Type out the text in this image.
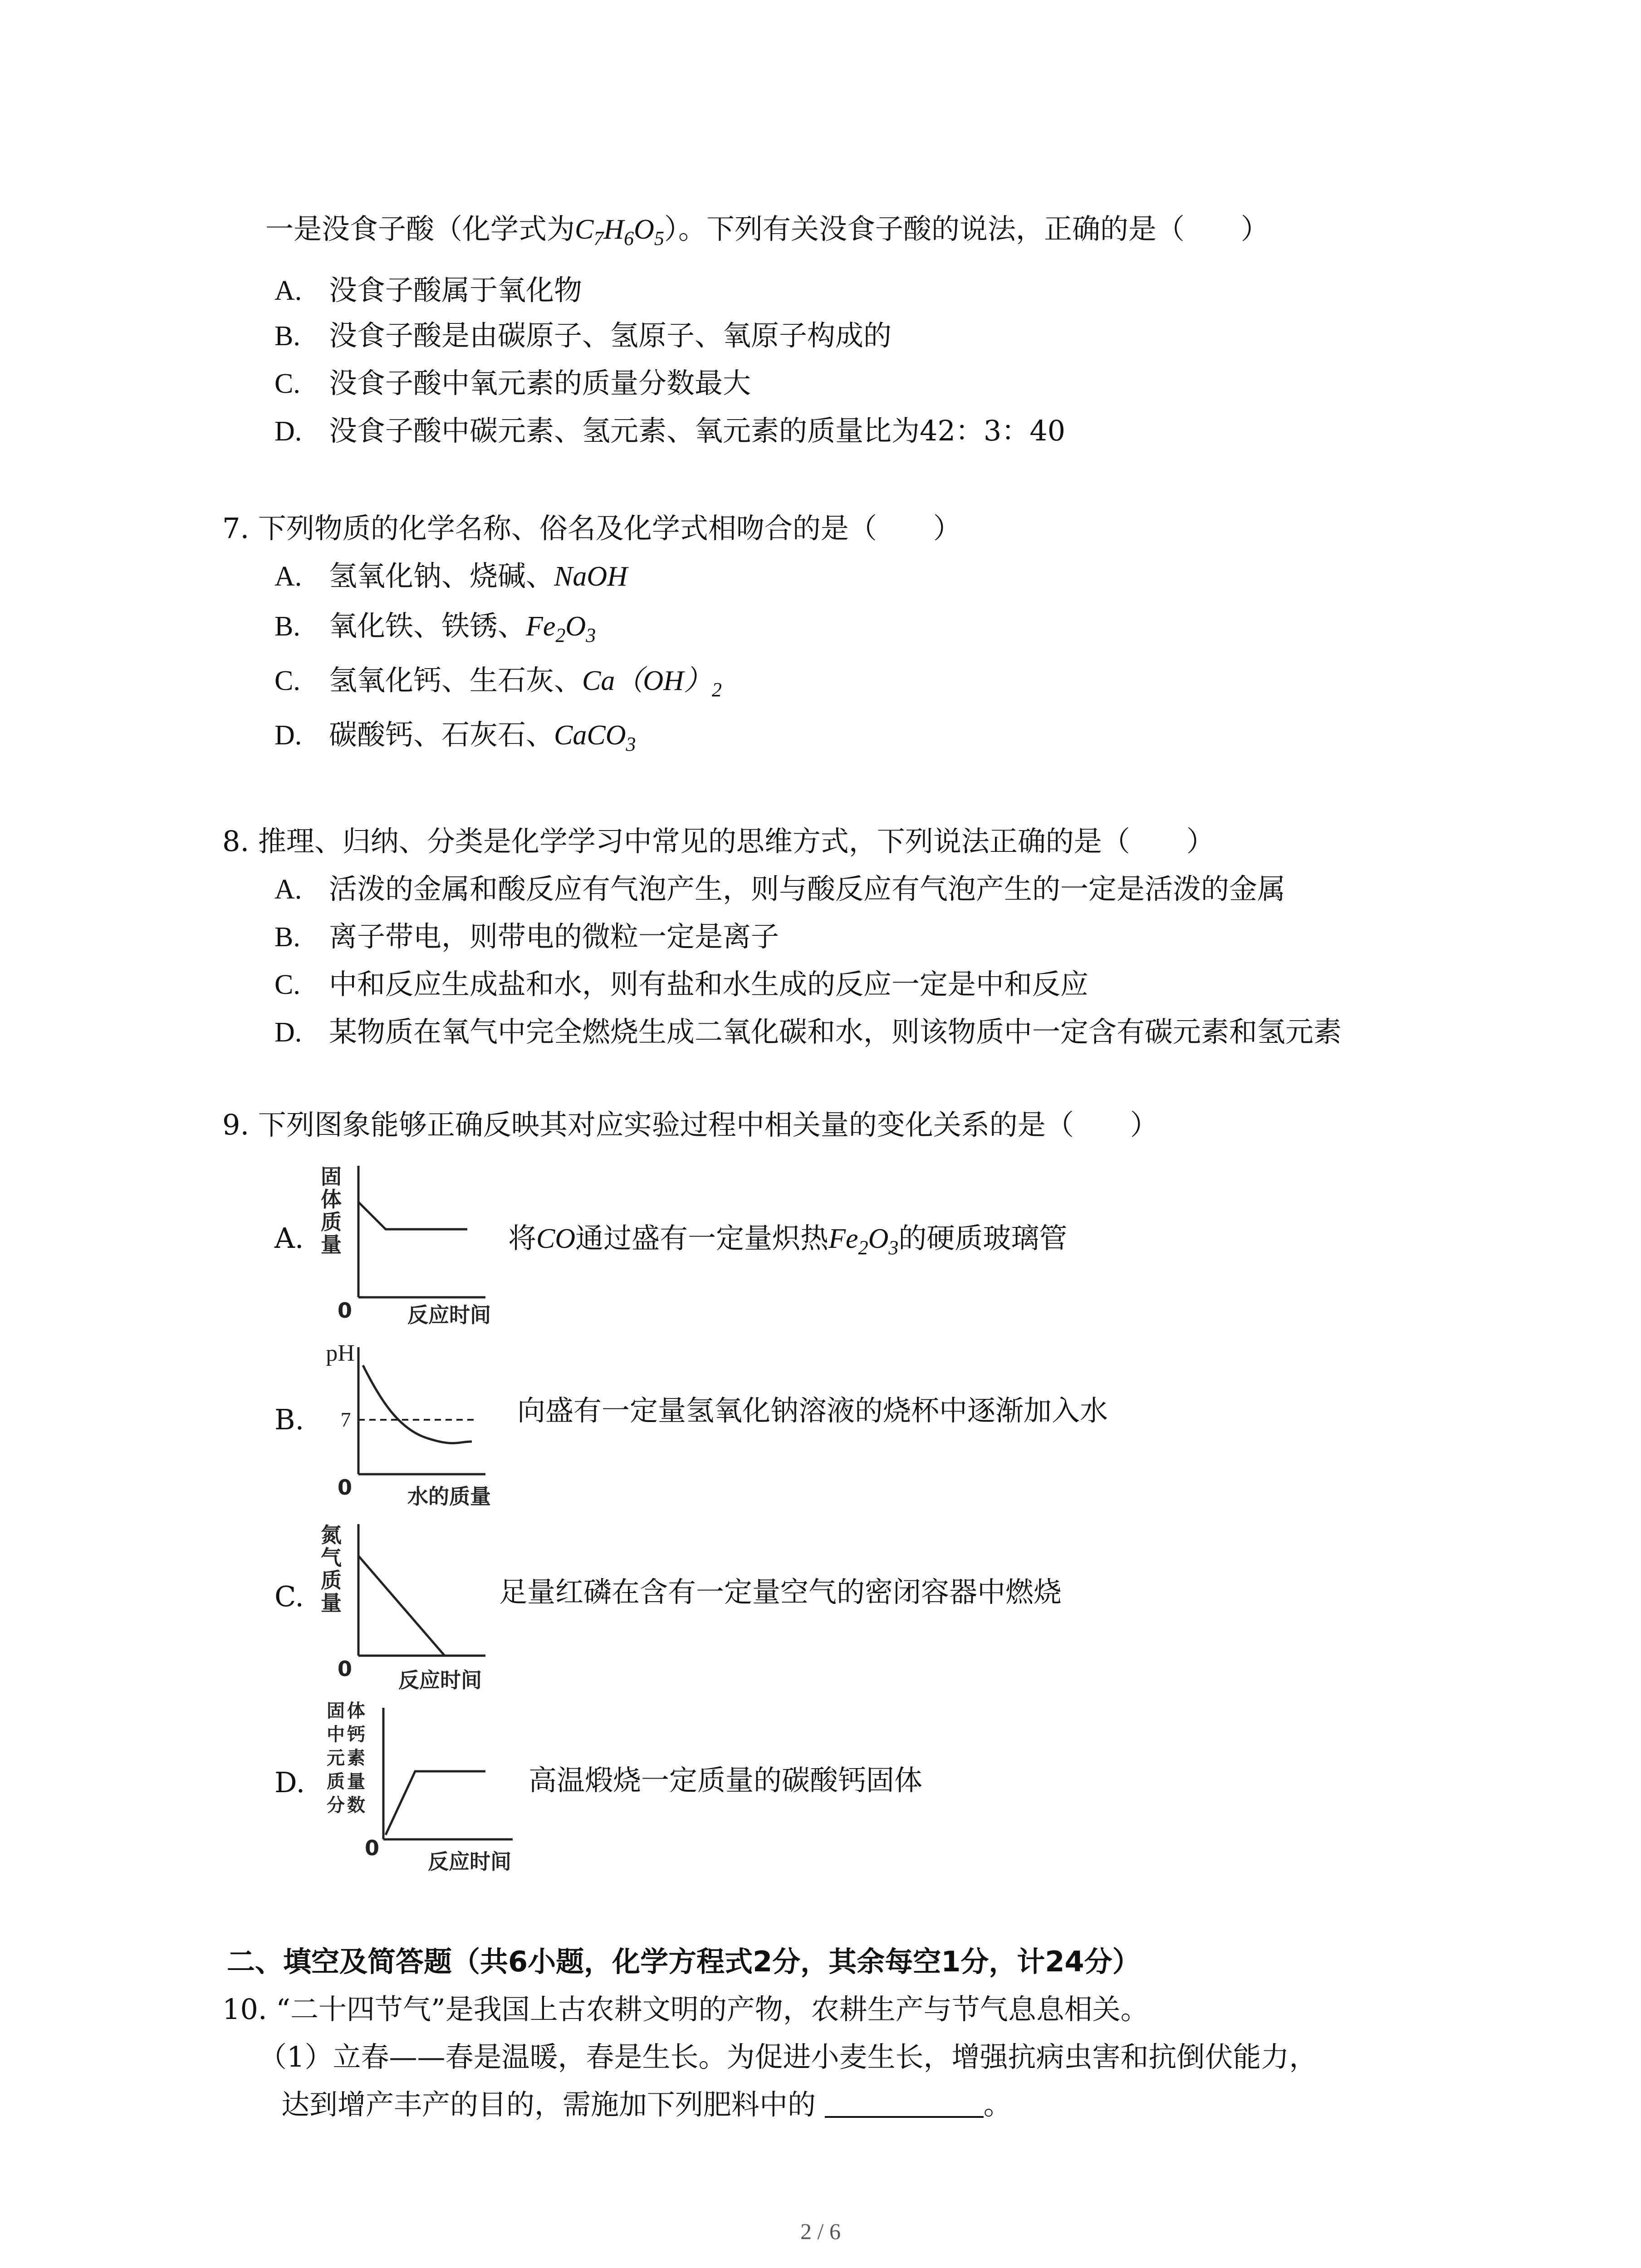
一是没食子酸（化学式为$C_7H_6O_5$）。下列有关没食子酸的说法，正确的是（　　）
A. 没食子酸属于氧化物
B. 没食子酸是由碳原子、氢原子、氧原子构成的
C. 没食子酸中氧元素的质量分数最大
D. 没食子酸中碳元素、氢元素、氧元素的质量比为42：3：40
7. 下列物质的化学名称、俗名及化学式相吻合的是（　　）
A. 氢氧化钠、烧碱、NaOH
B. 氧化铁、铁锈、$Fe_2O_3$
C. 氢氧化钙、生石灰、$Ca(OH)_2$
D. 碳酸钙、石灰石、CaCO$_3$
8. 推理、归纳、分类是化学学习中常见的思维方式，下列说法正确的是（　　）
A. 活泼的金属和酸反应有气泡产生，则与酸反应有气泡产生的一定是活泼的金属
B. 离子带电，则带电的微粒一定是离子
C. 中和反应生成盐和水，则有盐和水生成的反应一定是中和反应
D. 某物质在氧气中完全燃烧生成二氧化碳和水，则该物质中一定含有碳元素和氢元素
9. 下列图象能够正确反映其对应实验过程中相关量的变化关系的是（　　）
A.
固
体
质
量
0	反应时间
将CO通过盛有一定量炽热$Fe_2O_3$的硬质玻璃管
B.
pH
7
0	水的质量
向盛有一定量氢氧化钠溶液的烧杯中逐渐加入水
C.
氮
气
质
量
0 反应时间
足量红磷在含有一定量空气的密闭容器中燃烧
D.
固 体
中 钙
元 素
质 量
分 数
0
反应时间
高温煅烧一定质量的碳酸钙固体
二、填空及简答题（共6小题，化学方程式2分，其余每空1分，计24分）
10. “二十四节气”是我国上古农耕文明的产物，农耕生产与节气息息相关。
（1）立春——春是温暖，春是生长。为促进小麦生长，增强抗病虫害和抗倒伏能力，
达到增产丰产的目的，需施加下列肥料中的	。
2 / 6
